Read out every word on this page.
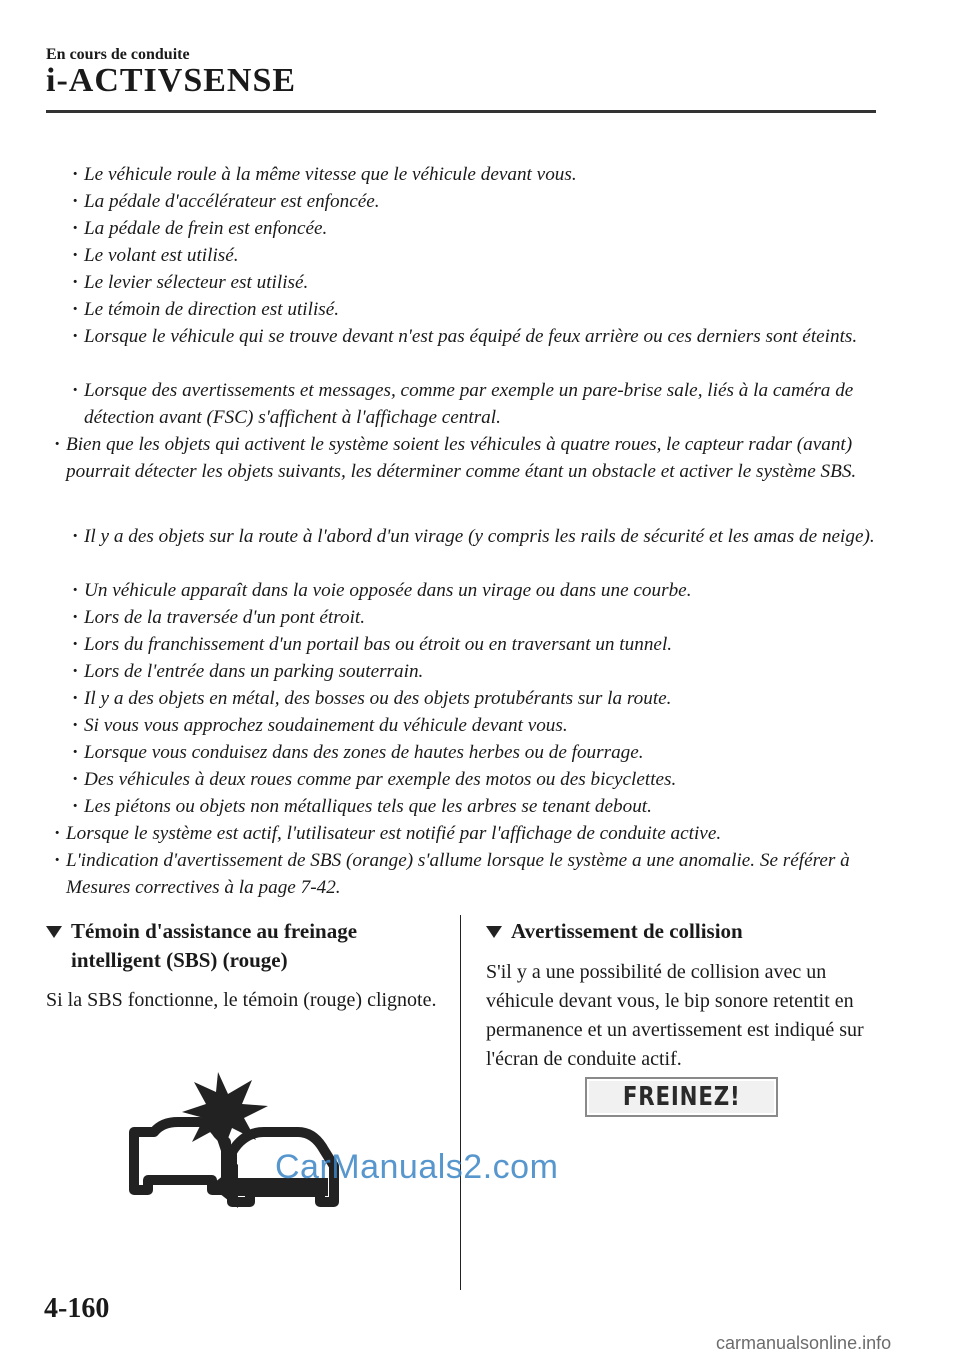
En cours de conduite
i-ACTIVSENSE
· Le véhicule roule à la même vitesse que le véhicule devant vous.
· La pédale d'accélérateur est enfoncée.
· La pédale de frein est enfoncée.
· Le volant est utilisé.
· Le levier sélecteur est utilisé.
· Le témoin de direction est utilisé.
· Lorsque le véhicule qui se trouve devant n'est pas équipé de feux arrière ou ces derniers sont éteints.
· Lorsque des avertissements et messages, comme par exemple un pare-brise sale, liés à la caméra de détection avant (FSC) s'affichent à l'affichage central.
· Bien que les objets qui activent le système soient les véhicules à quatre roues, le capteur radar (avant) pourrait détecter les objets suivants, les déterminer comme étant un obstacle et activer le système SBS.
· Il y a des objets sur la route à l'abord d'un virage (y compris les rails de sécurité et les amas de neige).
· Un véhicule apparaît dans la voie opposée dans un virage ou dans une courbe.
· Lors de la traversée d'un pont étroit.
· Lors du franchissement d'un portail bas ou étroit ou en traversant un tunnel.
· Lors de l'entrée dans un parking souterrain.
· Il y a des objets en métal, des bosses ou des objets protubérants sur la route.
· Si vous vous approchez soudainement du véhicule devant vous.
· Lorsque vous conduisez dans des zones de hautes herbes ou de fourrage.
· Des véhicules à deux roues comme par exemple des motos ou des bicyclettes.
· Les piétons ou objets non métalliques tels que les arbres se tenant debout.
· Lorsque le système est actif, l'utilisateur est notifié par l'affichage de conduite active.
· L'indication d'avertissement de SBS (orange) s'allume lorsque le système a une anomalie. Se référer à Mesures correctives à la page 7-42.
Témoin d'assistance au freinage intelligent (SBS) (rouge)
Si la SBS fonctionne, le témoin (rouge) clignote.
Avertissement de collision
S'il y a une possibilité de collision avec un véhicule devant vous, le bip sonore retentit en permanence et un avertissement est indiqué sur l'écran de conduite actif.
FREINEZ!
CarManuals2.com
4-160
carmanualsonline.info
